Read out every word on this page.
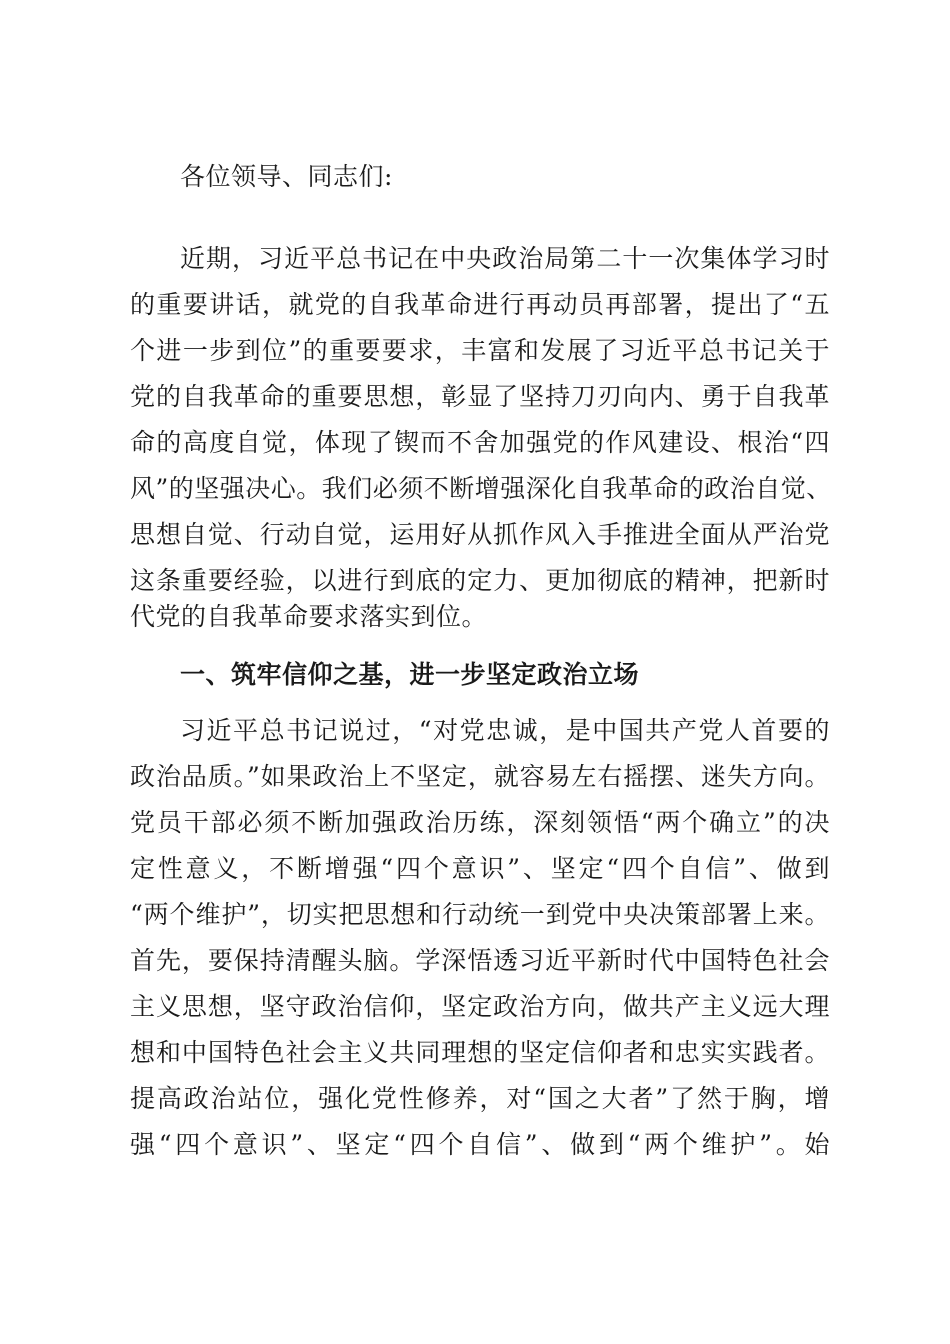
各位领导、同志们:
近期，习近平总书记在中央政治局第二十一次集体学习时
的重要讲话，就党的自我革命进行再动员再部署，提出了“五
个进一步到位”的重要要求，丰富和发展了习近平总书记关于
党的自我革命的重要思想，彰显了坚持刀刃向内、勇于自我革
命的高度自觉，体现了锲而不舍加强党的作风建设、根治“四
风”的坚强决心。我们必须不断增强深化自我革命的政治自觉、
思想自觉、行动自觉，运用好从抓作风入手推进全面从严治党
这条重要经验，以进行到底的定力、更加彻底的精神，把新时
代党的自我革命要求落实到位。
一、筑牢信仰之基，进一步坚定政治立场
习近平总书记说过，“对党忠诚，是中国共产党人首要的
政治品质。”如果政治上不坚定，就容易左右摇摆、迷失方向。
党员干部必须不断加强政治历练，深刻领悟“两个确立”的决
定性意义，不断增强“四个意识”、坚定“四个自信”、做到
“两个维护”，切实把思想和行动统一到党中央决策部署上来。
首先，要保持清醒头脑。学深悟透习近平新时代中国特色社会
主义思想，坚守政治信仰，坚定政治方向，做共产主义远大理
想和中国特色社会主义共同理想的坚定信仰者和忠实实践者。
提高政治站位，强化党性修养，对“国之大者”了然于胸，增
强“四个意识”、坚定“四个自信”、做到“两个维护”。始
